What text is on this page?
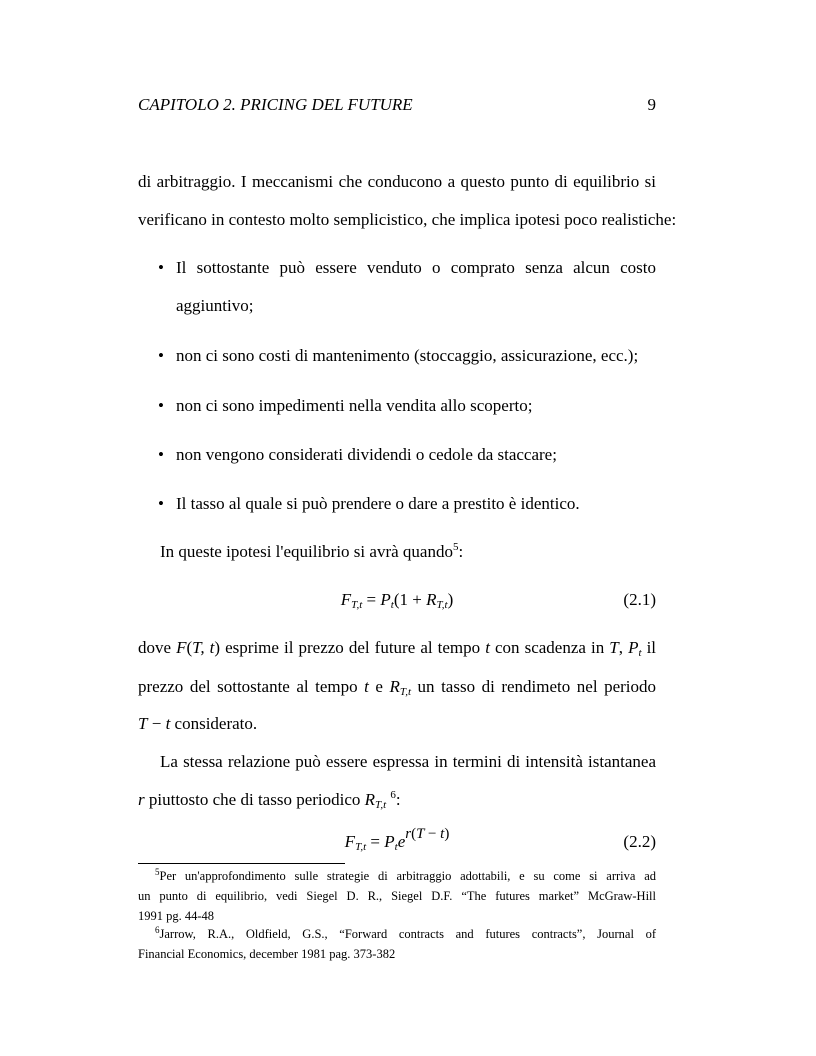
CAPITOLO 2. PRICING DEL FUTURE	9
di arbitraggio. I meccanismi che conducono a questo punto di equilibrio si
verificano in contesto molto semplicistico, che implica ipotesi poco realistiche:
• Il sottostante può essere venduto o comprato senza alcun costo
aggiuntivo;
• non ci sono costi di mantenimento (stoccaggio, assicurazione, ecc.);
• non ci sono impedimenti nella vendita allo scoperto;
• non vengono considerati dividendi o cedole da staccare;
• Il tasso al quale si può prendere o dare a prestito è identico.
In queste ipotesi l'equilibrio si avrà quando$^5$:
$F_{T,t} = P_t(1 + R_{T,t})$	(2.1)
dove F(T, t) esprime il prezzo del future al tempo t con scadenza in T, $P_t$ il
prezzo del sottostante al tempo t e $R_{T,t}$ un tasso di rendimeto nel periodo
T − t considerato.
La stessa relazione può essere espressa in termini di intensità istantanea
r piuttosto che di tasso periodico $R_{T,t}$ $^6$:
$F_{T,t} = P_te^{r(T - t)}$	(2.2)
$^5$Per un'approfondimento sulle strategie di arbitraggio adottabili, e su come si arriva ad
un punto di equilibrio, vedi Siegel D. R., Siegel D.F. “The futures market” McGraw-Hill
1991 pg. 44-48
$^6$Jarrow, R.A., Oldfield, G.S., “Forward contracts and futures contracts”, Journal of
Financial Economics, december 1981 pag. 373-382
